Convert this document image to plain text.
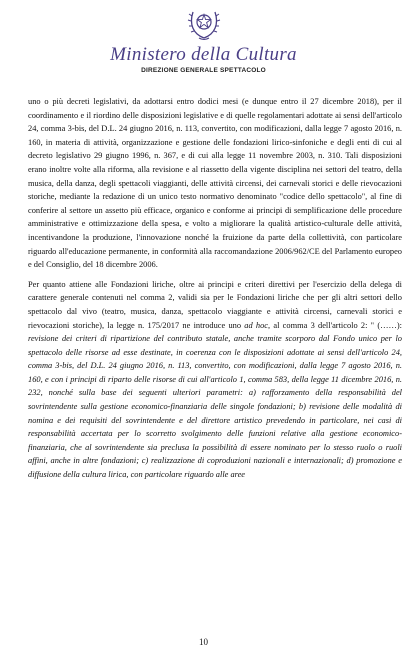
Ministero della Cultura
DIREZIONE GENERALE SPETTACOLO

uno o più decreti legislativi, da adottarsi entro dodici mesi (e dunque entro il 27 dicembre 2018), per il coordinamento e il riordino delle disposizioni legislative e di quelle regolamentari adottate ai sensi dell'articolo 24, comma 3-bis, del D.L. 24 giugno 2016, n. 113, convertito, con modificazioni, dalla legge 7 agosto 2016, n. 160, in materia di attività, organizzazione e gestione delle fondazioni lirico-sinfoniche e degli enti di cui al decreto legislativo 29 giugno 1996, n. 367, e di cui alla legge 11 novembre 2003, n. 310. Tali disposizioni erano inoltre volte alla riforma, alla revisione e al riassetto della vigente disciplina nei settori del teatro, della musica, della danza, degli spettacoli viaggianti, delle attività circensi, dei carnevali storici e delle rievocazioni storiche, mediante la redazione di un unico testo normativo denominato "codice dello spettacolo", al fine di conferire al settore un assetto più efficace, organico e conforme ai principi di semplificazione delle procedure amministrative e ottimizzazione della spesa, e volto a migliorare la qualità artistico-culturale delle attività, incentivandone la produzione, l'innovazione nonché la fruizione da parte della collettività, con particolare riguardo all'educazione permanente, in conformità alla raccomandazione 2006/962/CE del Parlamento europeo e del Consiglio, del 18 dicembre 2006.

Per quanto attiene alle Fondazioni liriche, oltre ai principi e criteri direttivi per l'esercizio della delega di carattere generale contenuti nel comma 2, validi sia per le Fondazioni liriche che per gli altri settori dello spettacolo dal vivo (teatro, musica, danza, spettacolo viaggiante e attività circensi, carnevali storici e rievocazioni storiche), la legge n. 175/2017 ne introduce uno ad hoc, al comma 3 dell'articolo 2: " (……): revisione dei criteri di ripartizione del contributo statale, anche tramite scorporo dal Fondo unico per lo spettacolo delle risorse ad esse destinate, in coerenza con le disposizioni adottate ai sensi dell'articolo 24, comma 3-bis, del D.L. 24 giugno 2016, n. 113, convertito, con modificazioni, dalla legge 7 agosto 2016, n. 160, e con i principi di riparto delle risorse di cui all'articolo 1, comma 583, della legge 11 dicembre 2016, n. 232, nonché sulla base dei seguenti ulteriori parametri: a) rafforzamento della responsabilità del sovrintendente sulla gestione economico-finanziaria delle singole fondazioni; b) revisione delle modalità di nomina e dei requisiti del sovrintendente e del direttore artistico prevedendo in particolare, nei casi di responsabilità accertata per lo scorretto svolgimento delle funzioni relative alla gestione economico-finanziaria, che al sovrintendente sia preclusa la possibilità di essere nominato per lo stesso ruolo o ruoli affini, anche in altre fondazioni; c) realizzazione di coproduzioni nazionali e internazionali; d) promozione e diffusione della cultura lirica, con particolare riguardo alle aree

10
